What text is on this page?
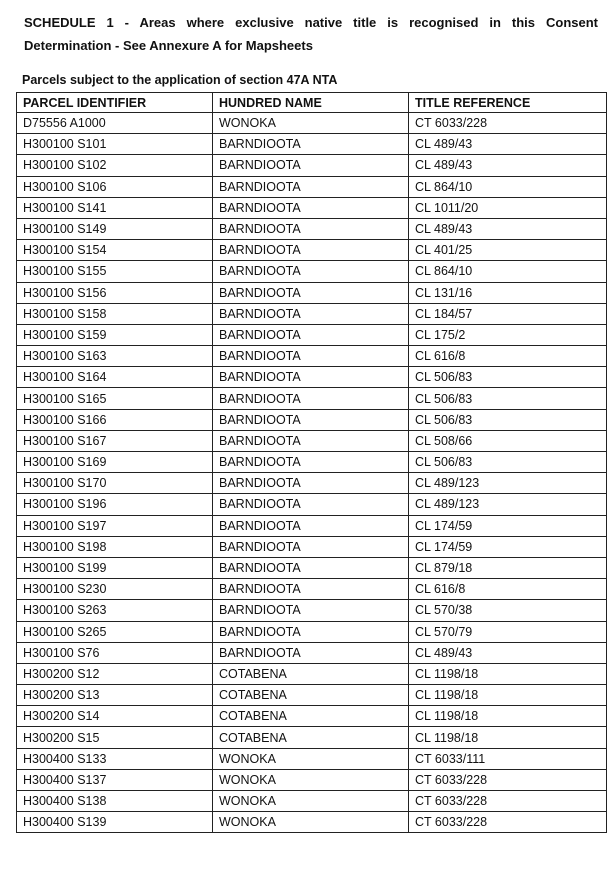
SCHEDULE 1 - Areas where exclusive native title is recognised in this Consent Determination - See Annexure A for Mapsheets

Parcels subject to the application of section 47A NTA

PARCEL IDENTIFIER	HUNDRED NAME	TITLE REFERENCE
D75556 A1000	WONOKA	CT 6033/228
H300100 S101	BARNDIOOTA	CL 489/43
H300100 S102	BARNDIOOTA	CL 489/43
H300100 S106	BARNDIOOTA	CL 864/10
H300100 S141	BARNDIOOTA	CL 1011/20
H300100 S149	BARNDIOOTA	CL 489/43
H300100 S154	BARNDIOOTA	CL 401/25
H300100 S155	BARNDIOOTA	CL 864/10
H300100 S156	BARNDIOOTA	CL 131/16
H300100 S158	BARNDIOOTA	CL 184/57
H300100 S159	BARNDIOOTA	CL 175/2
H300100 S163	BARNDIOOTA	CL 616/8
H300100 S164	BARNDIOOTA	CL 506/83
H300100 S165	BARNDIOOTA	CL 506/83
H300100 S166	BARNDIOOTA	CL 506/83
H300100 S167	BARNDIOOTA	CL 508/66
H300100 S169	BARNDIOOTA	CL 506/83
H300100 S170	BARNDIOOTA	CL 489/123
H300100 S196	BARNDIOOTA	CL 489/123
H300100 S197	BARNDIOOTA	CL 174/59
H300100 S198	BARNDIOOTA	CL 174/59
H300100 S199	BARNDIOOTA	CL 879/18
H300100 S230	BARNDIOOTA	CL 616/8
H300100 S263	BARNDIOOTA	CL 570/38
H300100 S265	BARNDIOOTA	CL 570/79
H300100 S76	BARNDIOOTA	CL 489/43
H300200 S12	COTABENA	CL 1198/18
H300200 S13	COTABENA	CL 1198/18
H300200 S14	COTABENA	CL 1198/18
H300200 S15	COTABENA	CL 1198/18
H300400 S133	WONOKA	CT 6033/111
H300400 S137	WONOKA	CT 6033/228
H300400 S138	WONOKA	CT 6033/228
H300400 S139	WONOKA	CT 6033/228
